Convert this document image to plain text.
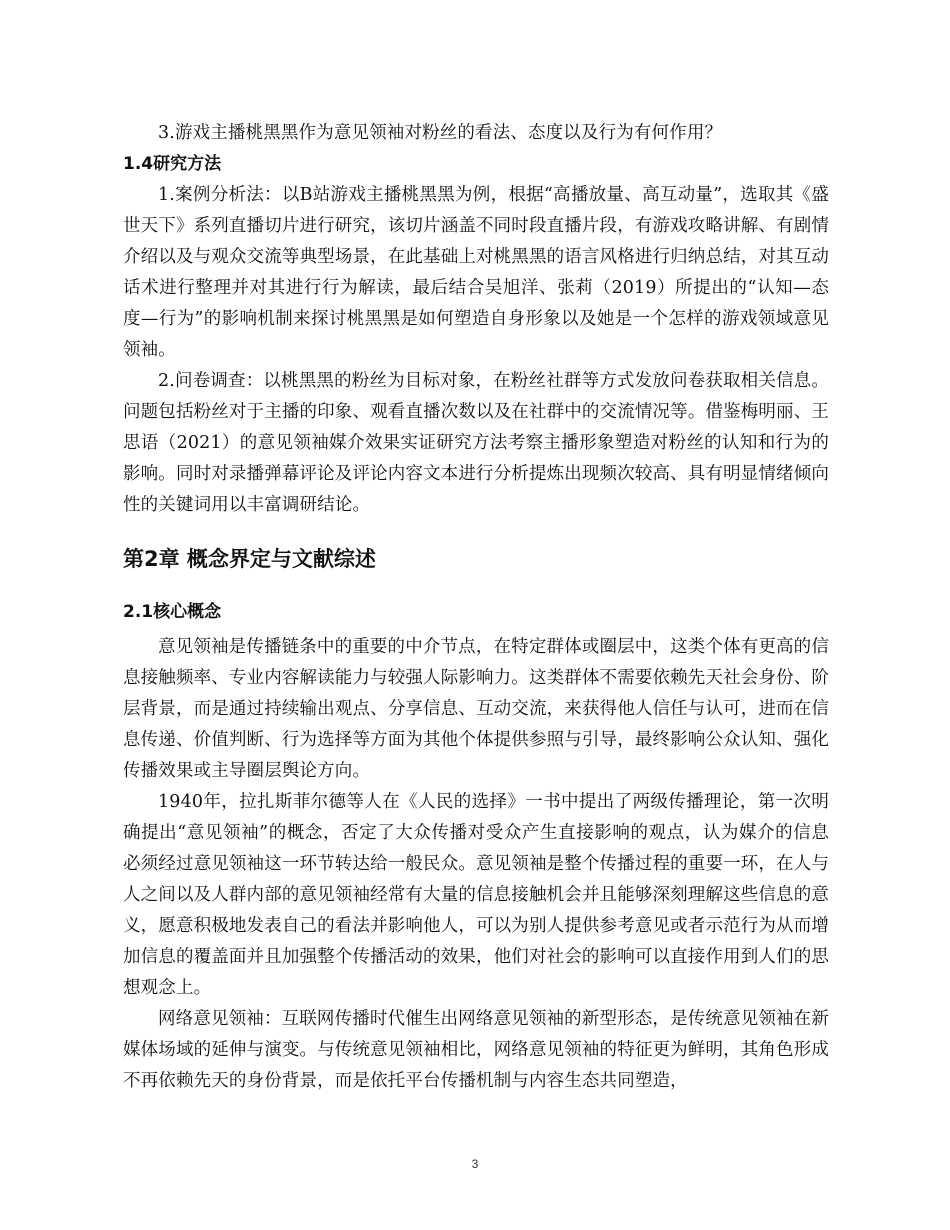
3.游戏主播桃黑黑作为意见领袖对粉丝的看法、态度以及行为有何作用？

1.4研究方法

1.案例分析法：以B站游戏主播桃黑黑为例，根据“高播放量、高互动量”，选取其《盛世天下》系列直播切片进行研究，该切片涵盖不同时段直播片段，有游戏攻略讲解、有剧情介绍以及与观众交流等典型场景，在此基础上对桃黑黑的语言风格进行归纳总结，对其互动话术进行整理并对其进行行为解读，最后结合吴旭洋、张莉（2019）所提出的“认知—态度—行为”的影响机制来探讨桃黑黑是如何塑造自身形象以及她是一个怎样的游戏领域意见领袖。

2.问卷调查：以桃黑黑的粉丝为目标对象，在粉丝社群等方式发放问卷获取相关信息。问题包括粉丝对于主播的印象、观看直播次数以及在社群中的交流情况等。借鉴梅明丽、王思语（2021）的意见领袖媒介效果实证研究方法考察主播形象塑造对粉丝的认知和行为的影响。同时对录播弹幕评论及评论内容文本进行分析提炼出现频次较高、具有明显情绪倾向性的关键词用以丰富调研结论。

第2章 概念界定与文献综述
2.1核心概念

意见领袖是传播链条中的重要的中介节点，在特定群体或圈层中，这类个体有更高的信息接触频率、专业内容解读能力与较强人际影响力。这类群体不需要依赖先天社会身份、阶层背景，而是通过持续输出观点、分享信息、互动交流，来获得他人信任与认可，进而在信息传递、价值判断、行为选择等方面为其他个体提供参照与引导，最终影响公众认知、强化传播效果或主导圈层舆论方向。

1940年，拉扎斯菲尔德等人在《人民的选择》一书中提出了两级传播理论，第一次明确提出“意见领袖”的概念，否定了大众传播对受众产生直接影响的观点，认为媒介的信息必须经过意见领袖这一环节转达给一般民众。意见领袖是整个传播过程的重要一环，在人与人之间以及人群内部的意见领袖经常有大量的信息接触机会并且能够深刻理解这些信息的意义，愿意积极地发表自己的看法并影响他人，可以为别人提供参考意见或者示范行为从而增加信息的覆盖面并且加强整个传播活动的效果，他们对社会的影响可以直接作用到人们的思想观念上。

网络意见领袖：互联网传播时代催生出网络意见领袖的新型形态，是传统意见领袖在新媒体场域的延伸与演变。与传统意见领袖相比，网络意见领袖的特征更为鲜明，其角色形成不再依赖先天的身份背景，而是依托平台传播机制与内容生态共同塑造，

3
